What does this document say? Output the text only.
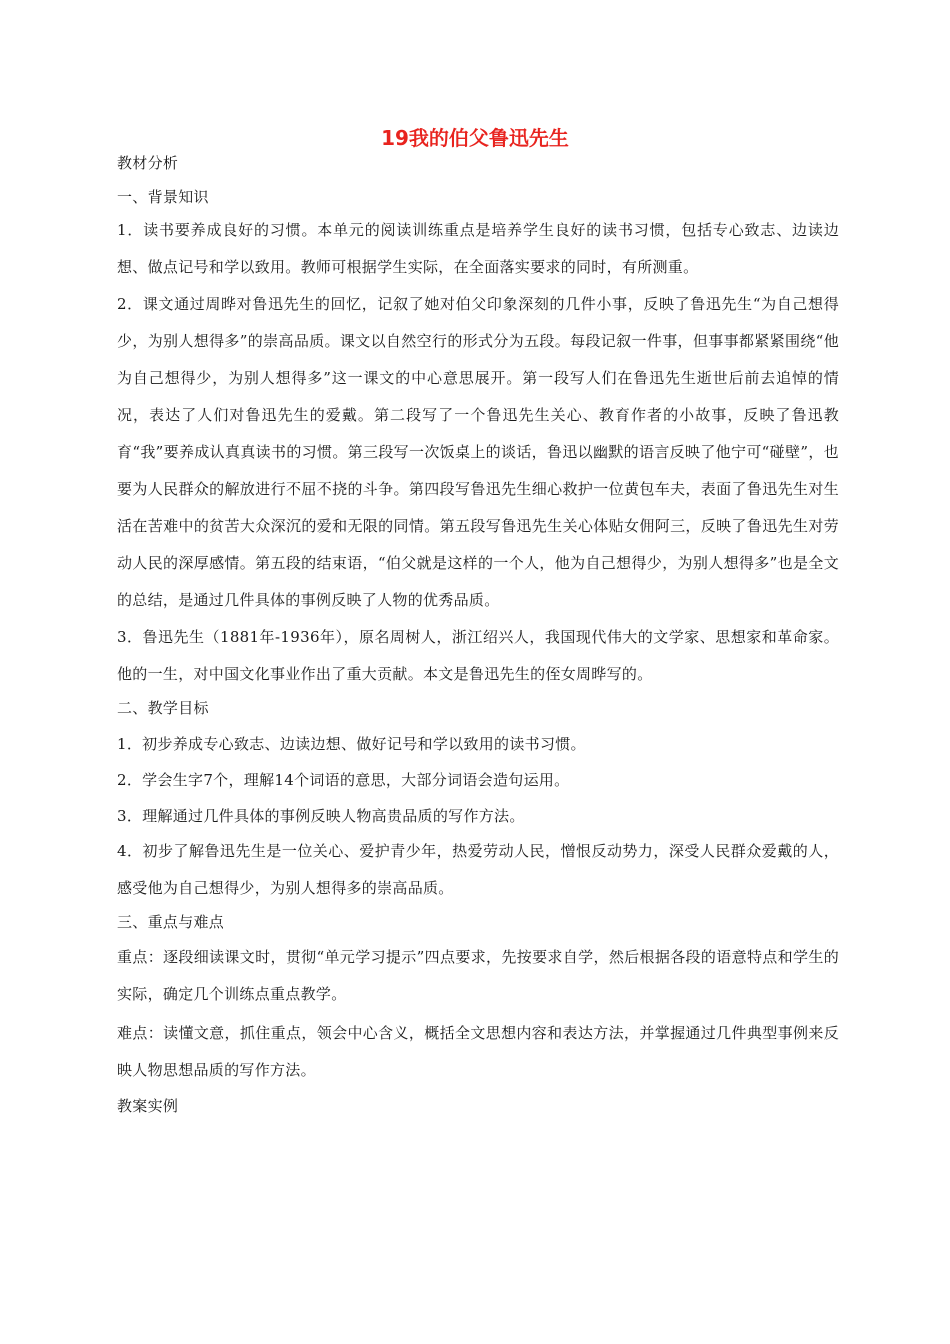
19我的伯父鲁迅先生
教材分析
一、背景知识

1．读书要养成良好的习惯。本单元的阅读训练重点是培养学生良好的读书习惯，包括专心致志、边读边想、做点记号和学以致用。教师可根据学生实际，在全面落实要求的同时，有所测重。

2．课文通过周晔对鲁迅先生的回忆，记叙了她对伯父印象深刻的几件小事，反映了鲁迅先生“为自己想得少，为别人想得多”的崇高品质。课文以自然空行的形式分为五段。每段记叙一件事，但事事都紧紧围绕“他为自己想得少，为别人想得多”这一课文的中心意思展开。第一段写人们在鲁迅先生逝世后前去追悼的情况，表达了人们对鲁迅先生的爱戴。第二段写了一个鲁迅先生关心、教育作者的小故事，反映了鲁迅教育“我”要养成认真真读书的习惯。第三段写一次饭桌上的谈话，鲁迅以幽默的语言反映了他宁可“碰壁”，也要为人民群众的解放进行不屈不挠的斗争。第四段写鲁迅先生细心救护一位黄包车夫，表面了鲁迅先生对生活在苦难中的贫苦大众深沉的爱和无限的同情。第五段写鲁迅先生关心体贴女佣阿三，反映了鲁迅先生对劳动人民的深厚感情。第五段的结束语，“伯父就是这样的一个人，他为自己想得少，为别人想得多”也是全文的总结，是通过几件具体的事例反映了人物的优秀品质。

3．鲁迅先生（1881年-1936年），原名周树人，浙江绍兴人，我国现代伟大的文学家、思想家和革命家。他的一生，对中国文化事业作出了重大贡献。本文是鲁迅先生的侄女周晔写的。

二、教学目标
1．初步养成专心致志、边读边想、做好记号和学以致用的读书习惯。
2．学会生字7个，理解14个词语的意思，大部分词语会造句运用。
3．理解通过几件具体的事例反映人物高贵品质的写作方法。

4．初步了解鲁迅先生是一位关心、爱护青少年，热爱劳动人民，憎恨反动势力，深受人民群众爱戴的人，感受他为自己想得少，为别人想得多的崇高品质。

三、重点与难点

重点：逐段细读课文时，贯彻“单元学习提示”四点要求，先按要求自学，然后根据各段的语意特点和学生的实际，确定几个训练点重点教学。

难点：读懂文意，抓住重点，领会中心含义，概括全文思想内容和表达方法，并掌握通过几件典型事例来反映人物思想品质的写作方法。

教案实例
